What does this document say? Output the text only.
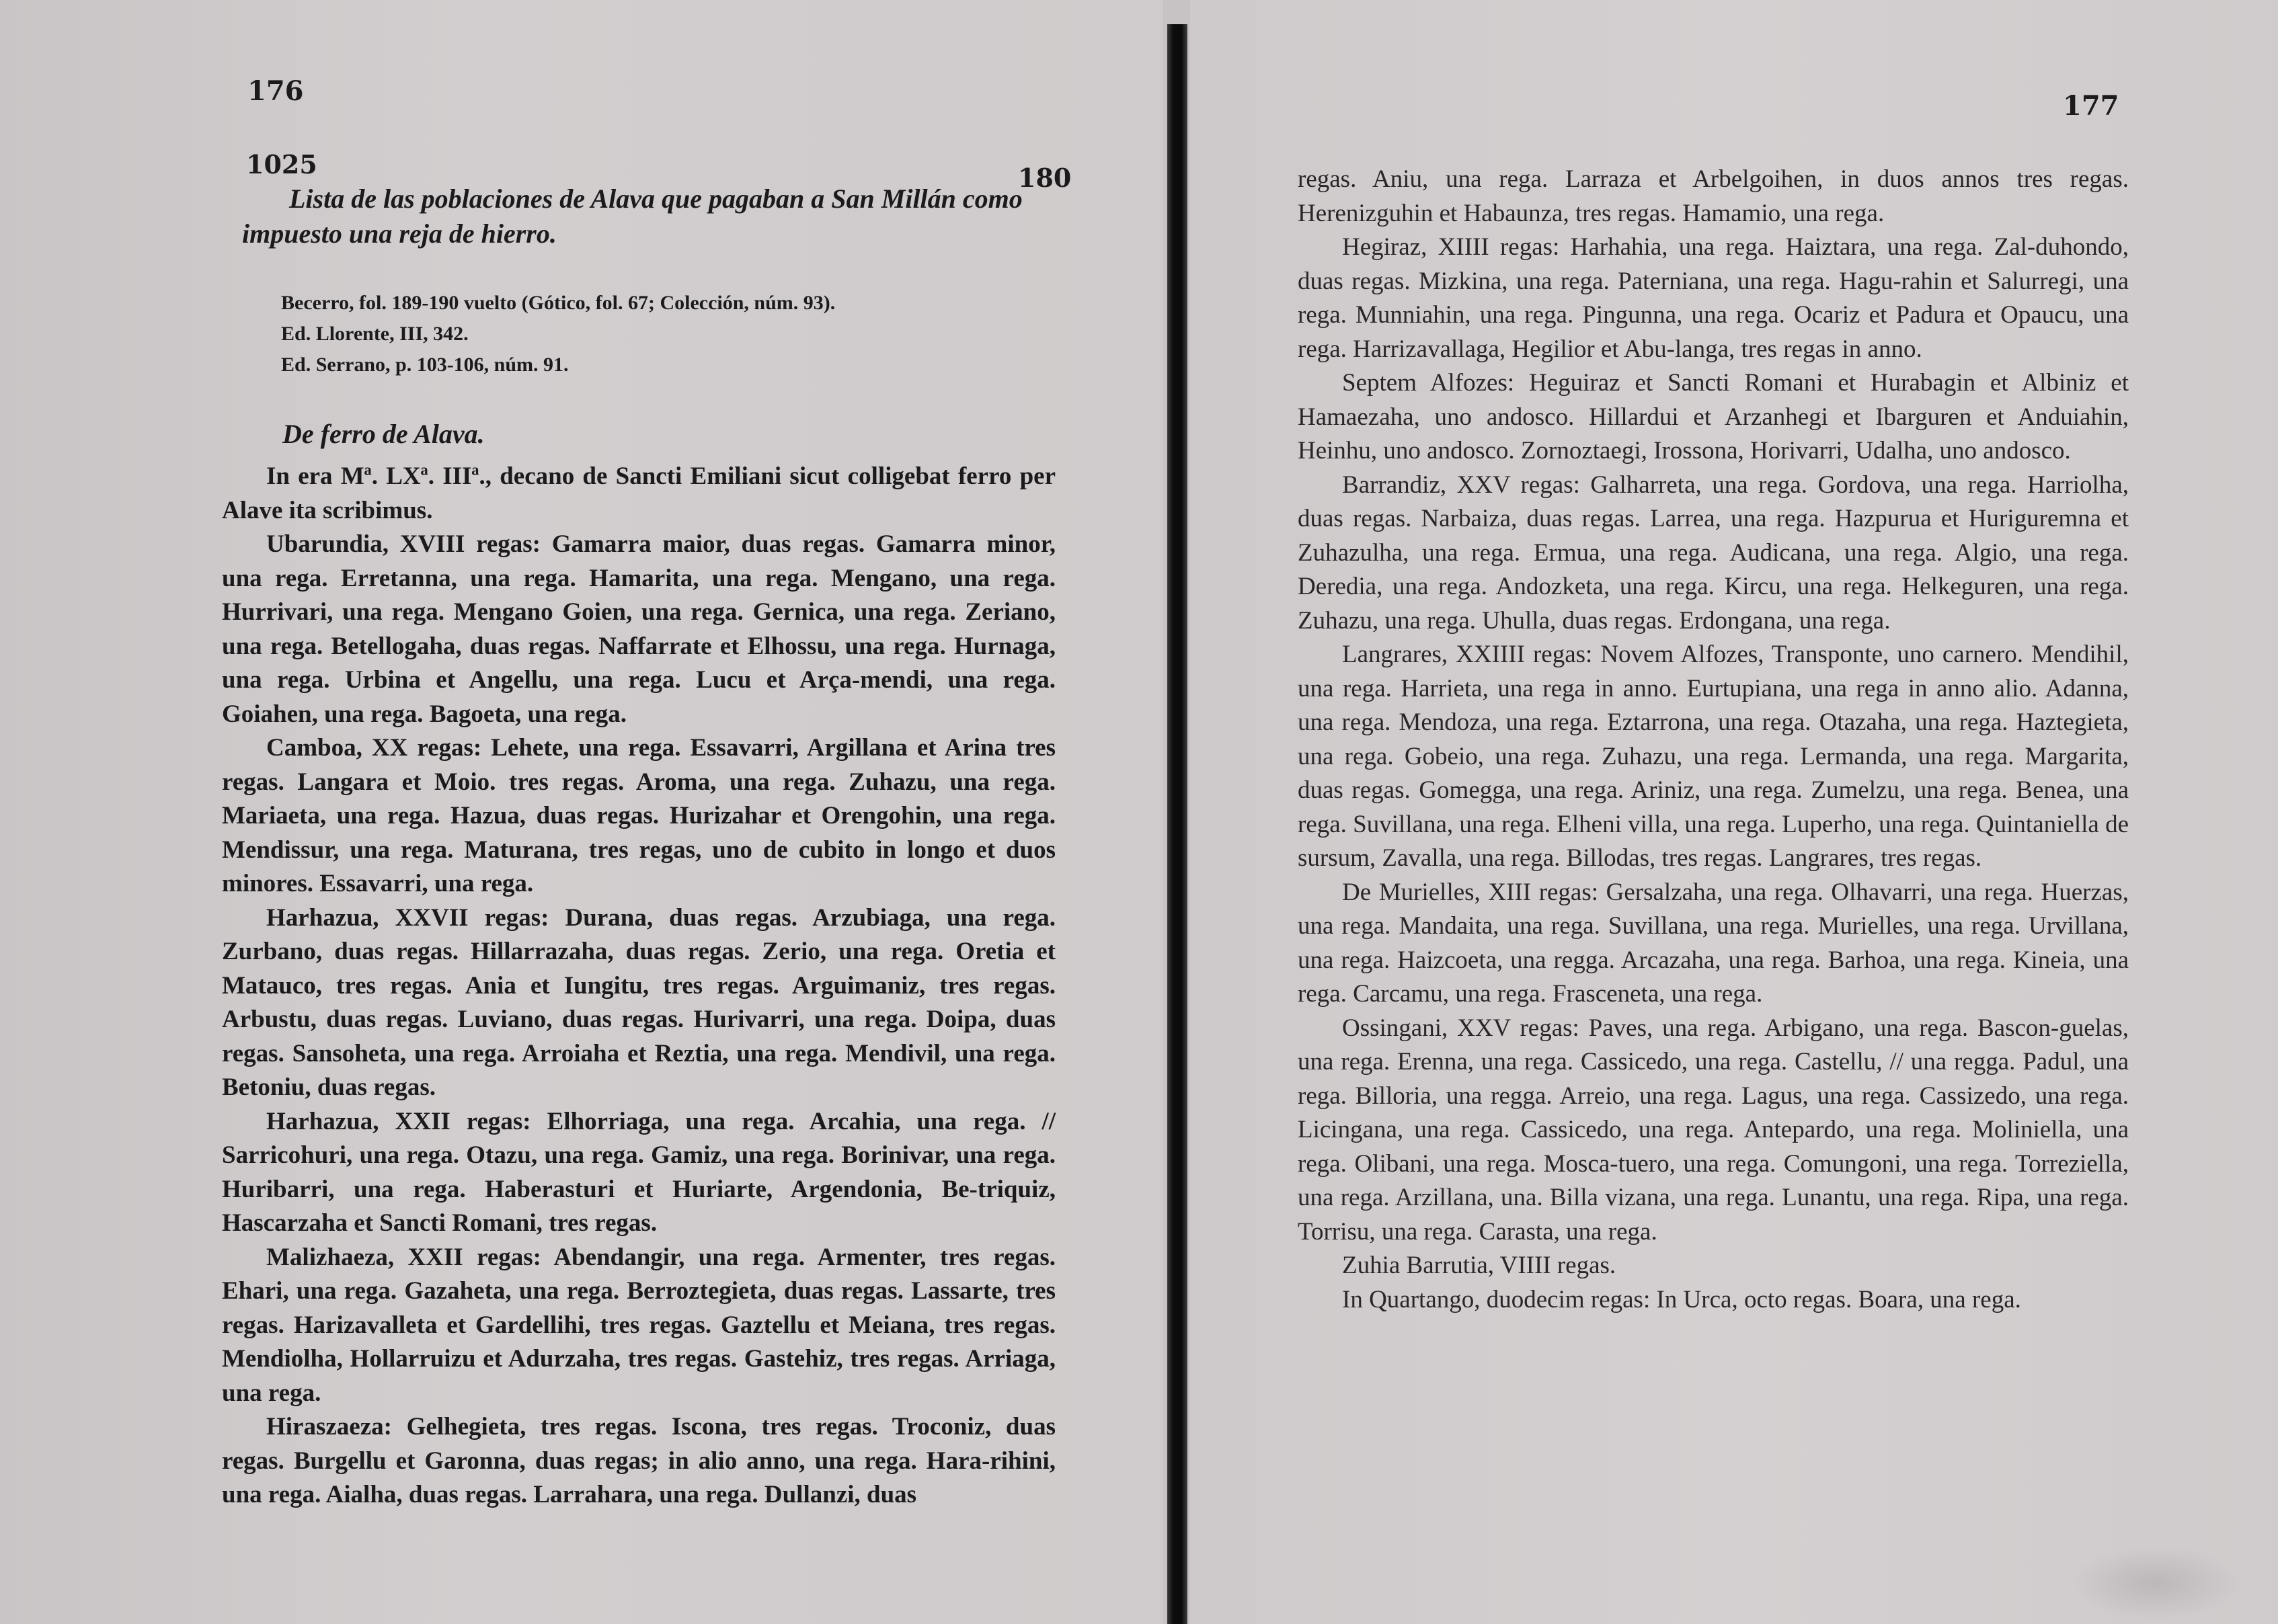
176
1025	180

Lista de las poblaciones de Alava que pagaban a San Millán como impuesto una reja de hierro.

Becerro, fol. 189-190 vuelto (Gótico, fol. 67; Colección, núm. 93).
Ed. Llorente, III, 342.
Ed. Serrano, p. 103-106, núm. 91.
De ferro de Alava.

In era Mª. LXª. IIIª., decano de Sancti Emiliani sicut colligebat ferro per Alave ita scribimus.

Ubarundia, XVIII regas: Gamarra maior, duas regas. Gamarra minor, una rega. Erretanna, una rega. Hamarita, una rega. Mengano, una rega. Hurrivari, una rega. Mengano Goien, una rega. Gernica, una rega. Zeriano, una rega. Betellogaha, duas regas. Naffarrate et Elhossu, una rega. Hurnaga, una rega. Urbina et Angellu, una rega. Lucu et Arça-mendi, una rega. Goiahen, una rega. Bagoeta, una rega.

Camboa, XX regas: Lehete, una rega. Essavarri, Argillana et Arina tres regas. Langara et Moio. tres regas. Aroma, una rega. Zuhazu, una rega. Mariaeta, una rega. Hazua, duas regas. Hurizahar et Orengohin, una rega. Mendissur, una rega. Maturana, tres regas, uno de cubito in longo et duos minores. Essavarri, una rega.

Harhazua, XXVII regas: Durana, duas regas. Arzubiaga, una rega. Zurbano, duas regas. Hillarrazaha, duas regas. Zerio, una rega. Oretia et Matauco, tres regas. Ania et Iungitu, tres regas. Arguimaniz, tres regas. Arbustu, duas regas. Luviano, duas regas. Hurivarri, una rega. Doipa, duas regas. Sansoheta, una rega. Arroiaha et Reztia, una rega. Mendivil, una rega. Betoniu, duas regas.

Harhazua, XXII regas: Elhorriaga, una rega. Arcahia, una rega. // Sarricohuri, una rega. Otazu, una rega. Gamiz, una rega. Borinivar, una rega. Huribarri, una rega. Haberasturi et Huriarte, Argendonia, Be-triquiz, Hascarzaha et Sancti Romani, tres regas.

Malizhaeza, XXII regas: Abendangir, una rega. Armenter, tres regas. Ehari, una rega. Gazaheta, una rega. Berroztegieta, duas regas. Lassarte, tres regas. Harizavalleta et Gardellihi, tres regas. Gaztellu et Meiana, tres regas. Mendiolha, Hollarruizu et Adurzaha, tres regas. Gastehiz, tres regas. Arriaga, una rega.

Hiraszaeza: Gelhegieta, tres regas. Iscona, tres regas. Troconiz, duas regas. Burgellu et Garonna, duas regas; in alio anno, una rega. Hara-rihini, una rega. Aialha, duas regas. Larrahara, una rega. Dullanzi, duas

177

regas. Aniu, una rega. Larraza et Arbelgoihen, in duos annos tres regas. Herenizguhin et Habaunza, tres regas. Hamamio, una rega.

Hegiraz, XIIII regas: Harhahia, una rega. Haiztara, una rega. Zal-duhondo, duas regas. Mizkina, una rega. Paterniana, una rega. Hagu-rahin et Salurregi, una rega. Munniahin, una rega. Pingunna, una rega. Ocariz et Padura et Opaucu, una rega. Harrizavallaga, Hegilior et Abu-langa, tres regas in anno.

Septem Alfozes: Heguiraz et Sancti Romani et Hurabagin et Albiniz et Hamaezaha, uno andosco. Hillardui et Arzanhegi et Ibarguren et Anduiahin, Heinhu, uno andosco. Zornoztaegi, Irossona, Horivarri, Udalha, uno andosco.

Barrandiz, XXV regas: Galharreta, una rega. Gordova, una rega. Harriolha, duas regas. Narbaiza, duas regas. Larrea, una rega. Hazpurua et Huriguremna et Zuhazulha, una rega. Ermua, una rega. Audicana, una rega. Algio, una rega. Deredia, una rega. Andozketa, una rega. Kircu, una rega. Helkeguren, una rega. Zuhazu, una rega. Uhulla, duas regas. Erdongana, una rega.

Langrares, XXIIII regas: Novem Alfozes, Transponte, uno carnero. Mendihil, una rega. Harrieta, una rega in anno. Eurtupiana, una rega in anno alio. Adanna, una rega. Mendoza, una rega. Eztarrona, una rega. Otazaha, una rega. Haztegieta, una rega. Gobeio, una rega. Zuhazu, una rega. Lermanda, una rega. Margarita, duas regas. Gomegga, una rega. Ariniz, una rega. Zumelzu, una rega. Benea, una rega. Suvillana, una rega. Elheni villa, una rega. Luperho, una rega. Quintaniella de sursum, Zavalla, una rega. Billodas, tres regas. Langrares, tres regas.

De Murielles, XIII regas: Gersalzaha, una rega. Olhavarri, una rega. Huerzas, una rega. Mandaita, una rega. Suvillana, una rega. Murielles, una rega. Urvillana, una rega. Haizcoeta, una regga. Arcazaha, una rega. Barhoa, una rega. Kineia, una rega. Carcamu, una rega. Frasceneta, una rega.

Ossingani, XXV regas: Paves, una rega. Arbigano, una rega. Bascon-guelas, una rega. Erenna, una rega. Cassicedo, una rega. Castellu, // una regga. Padul, una rega. Billoria, una regga. Arreio, una rega. Lagus, una rega. Cassizedo, una rega. Licingana, una rega. Cassicedo, una rega. Antepardo, una rega. Moliniella, una rega. Olibani, una rega. Mosca-tuero, una rega. Comungoni, una rega. Torreziella, una rega. Arzillana, una. Billa vizana, una rega. Lunantu, una rega. Ripa, una rega. Torrisu, una rega. Carasta, una rega.

Zuhia Barrutia, VIIII regas.

In Quartango, duodecim regas: In Urca, octo regas. Boara, una rega.
